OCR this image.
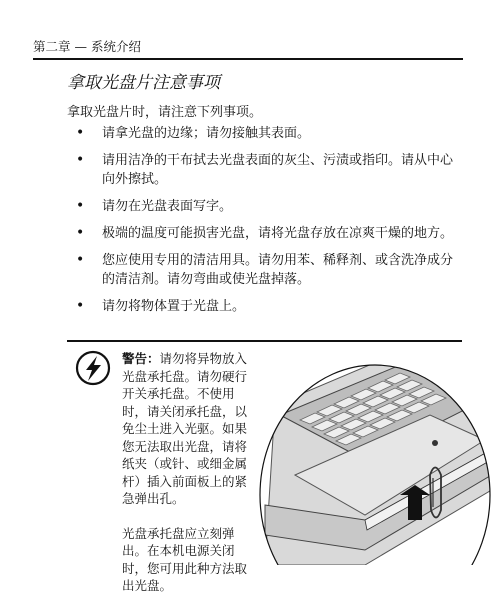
第二章 — 系统介绍
拿取光盘片注意事项
拿取光盘片时，请注意下列事项。
• 请拿光盘的边缘；请勿接触其表面。
• 请用洁净的干布拭去光盘表面的灰尘、污渍或指印。请从中心向外擦拭。
• 请勿在光盘表面写字。
• 极端的温度可能损害光盘，请将光盘存放在凉爽干燥的地方。
• 您应使用专用的清洁用具。请勿用苯、稀释剂、或含洗净成分的清洁剂。请勿弯曲或使光盘掉落。
• 请勿将物体置于光盘上。

警告：请勿将异物放入光盘承托盘。请勿硬行开关承托盘。不使用时，请关闭承托盘，以免尘土进入光驱。如果您无法取出光盘，请将纸夹（或针、或细金属杆）插入前面板上的紧急弹出孔。

光盘承托盘应立刻弹出。在本机电源关闭时，您可用此种方法取出光盘。
